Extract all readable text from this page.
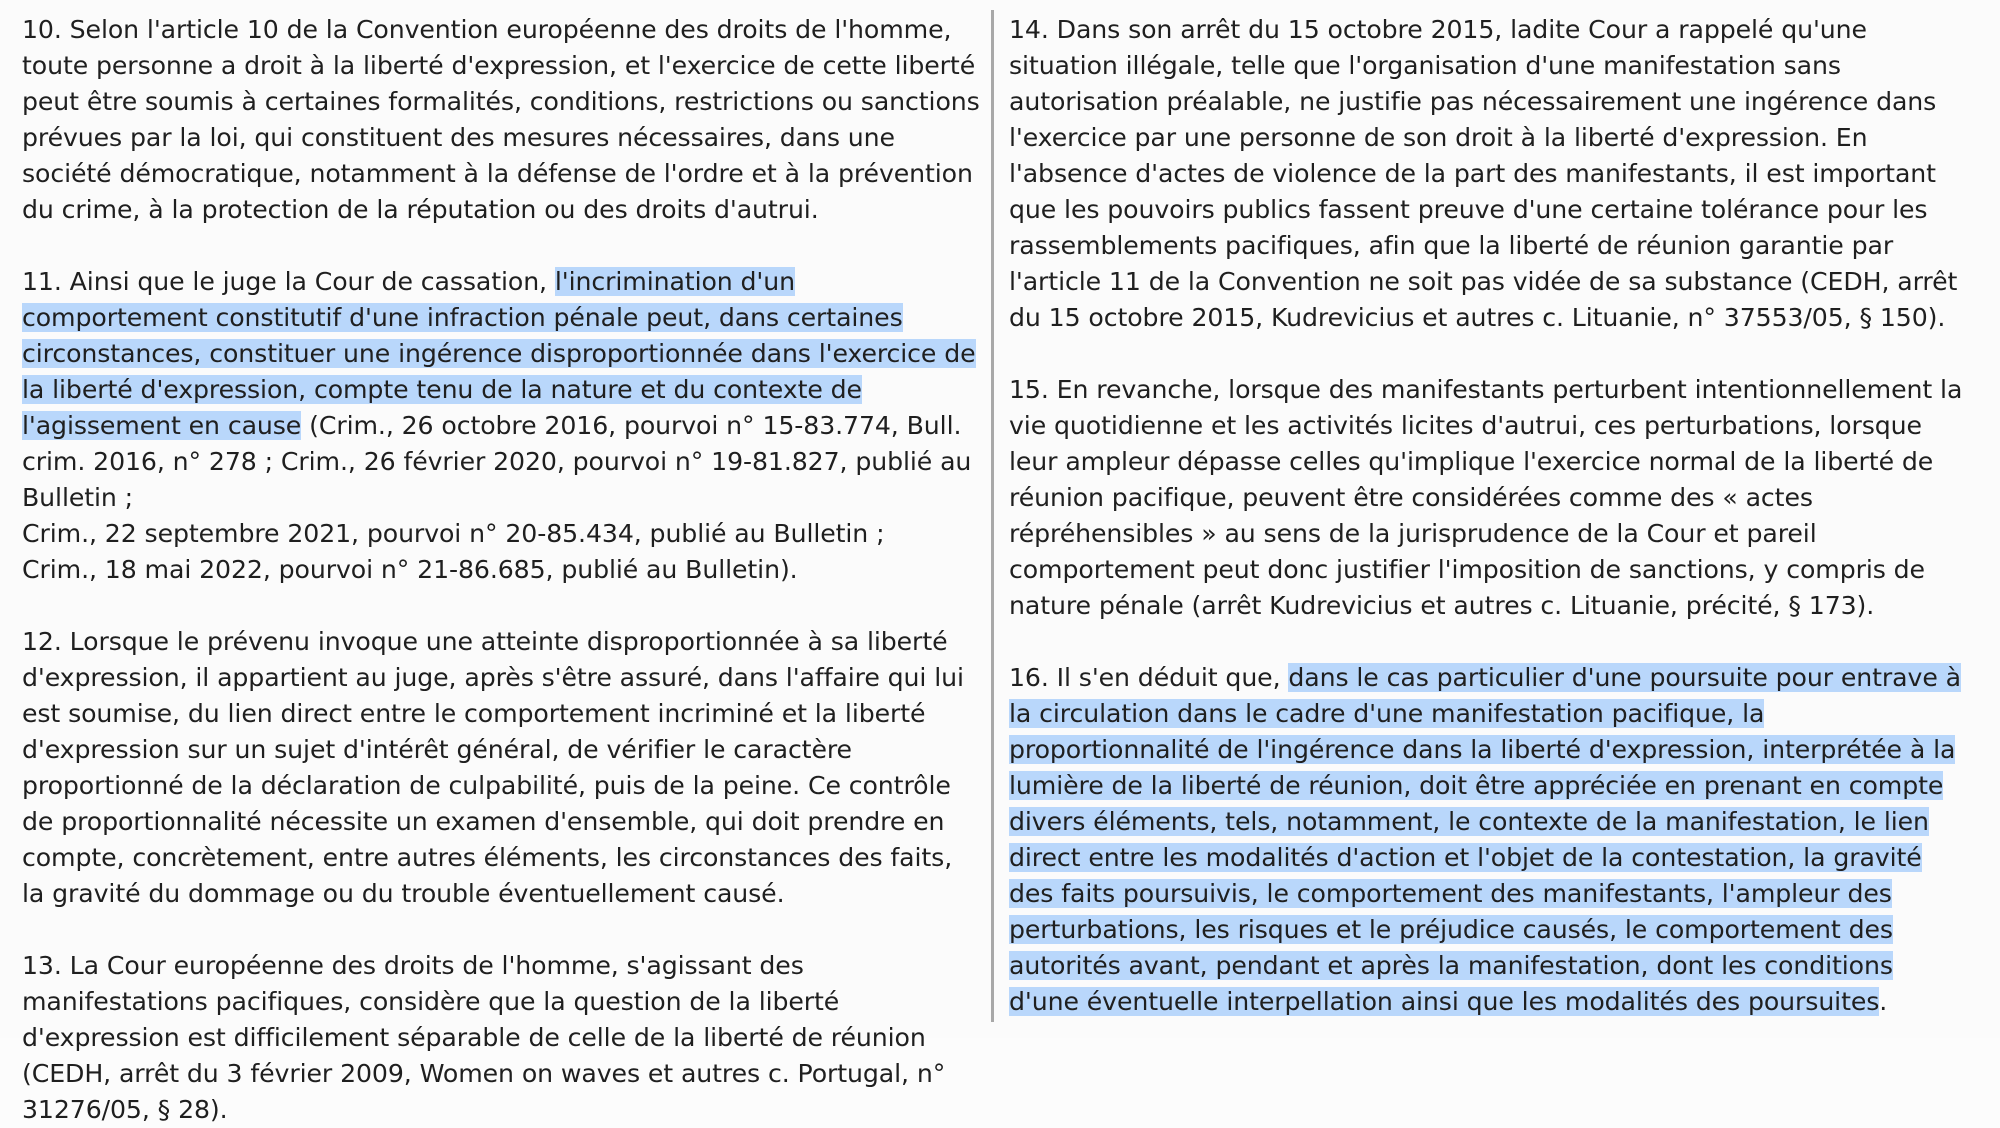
10. Selon l'article 10 de la Convention européenne des droits de l'homme, toute personne a droit à la liberté d'expression, et l'exercice de cette liberté peut être soumis à certaines formalités, conditions, restrictions ou sanctions prévues par la loi, qui constituent des mesures nécessaires, dans une société démocratique, notamment à la défense de l'ordre et à la prévention du crime, à la protection de la réputation ou des droits d'autrui.

11. Ainsi que le juge la Cour de cassation, l'incrimination d'un comportement constitutif d'une infraction pénale peut, dans certaines circonstances, constituer une ingérence disproportionnée dans l'exercice de la liberté d'expression, compte tenu de la nature et du contexte de l'agissement en cause (Crim., 26 octobre 2016, pourvoi n° 15-83.774, Bull. crim. 2016, n° 278 ; Crim., 26 février 2020, pourvoi n° 19-81.827, publié au Bulletin ;
Crim., 22 septembre 2021, pourvoi n° 20-85.434, publié au Bulletin ;
Crim., 18 mai 2022, pourvoi n° 21-86.685, publié au Bulletin).

12. Lorsque le prévenu invoque une atteinte disproportionnée à sa liberté d'expression, il appartient au juge, après s'être assuré, dans l'affaire qui lui est soumise, du lien direct entre le comportement incriminé et la liberté d'expression sur un sujet d'intérêt général, de vérifier le caractère proportionné de la déclaration de culpabilité, puis de la peine. Ce contrôle de proportionnalité nécessite un examen d'ensemble, qui doit prendre en compte, concrètement, entre autres éléments, les circonstances des faits, la gravité du dommage ou du trouble éventuellement causé.

13. La Cour européenne des droits de l'homme, s'agissant des manifestations pacifiques, considère que la question de la liberté d'expression est difficilement séparable de celle de la liberté de réunion (CEDH, arrêt du 3 février 2009, Women on waves et autres c. Portugal, n° 31276/05, § 28).

14. Dans son arrêt du 15 octobre 2015, ladite Cour a rappelé qu'une situation illégale, telle que l'organisation d'une manifestation sans autorisation préalable, ne justifie pas nécessairement une ingérence dans l'exercice par une personne de son droit à la liberté d'expression. En l'absence d'actes de violence de la part des manifestants, il est important que les pouvoirs publics fassent preuve d'une certaine tolérance pour les rassemblements pacifiques, afin que la liberté de réunion garantie par l'article 11 de la Convention ne soit pas vidée de sa substance (CEDH, arrêt du 15 octobre 2015, Kudrevicius et autres c. Lituanie, n° 37553/05, § 150).

15. En revanche, lorsque des manifestants perturbent intentionnellement la vie quotidienne et les activités licites d'autrui, ces perturbations, lorsque leur ampleur dépasse celles qu'implique l'exercice normal de la liberté de réunion pacifique, peuvent être considérées comme des « actes répréhensibles » au sens de la jurisprudence de la Cour et pareil comportement peut donc justifier l'imposition de sanctions, y compris de nature pénale (arrêt Kudrevicius et autres c. Lituanie, précité, § 173).

16. Il s'en déduit que, dans le cas particulier d'une poursuite pour entrave à la circulation dans le cadre d'une manifestation pacifique, la proportionnalité de l'ingérence dans la liberté d'expression, interprétée à la lumière de la liberté de réunion, doit être appréciée en prenant en compte divers éléments, tels, notamment, le contexte de la manifestation, le lien direct entre les modalités d'action et l'objet de la contestation, la gravité des faits poursuivis, le comportement des manifestants, l'ampleur des perturbations, les risques et le préjudice causés, le comportement des autorités avant, pendant et après la manifestation, dont les conditions d'une éventuelle interpellation ainsi que les modalités des poursuites.
